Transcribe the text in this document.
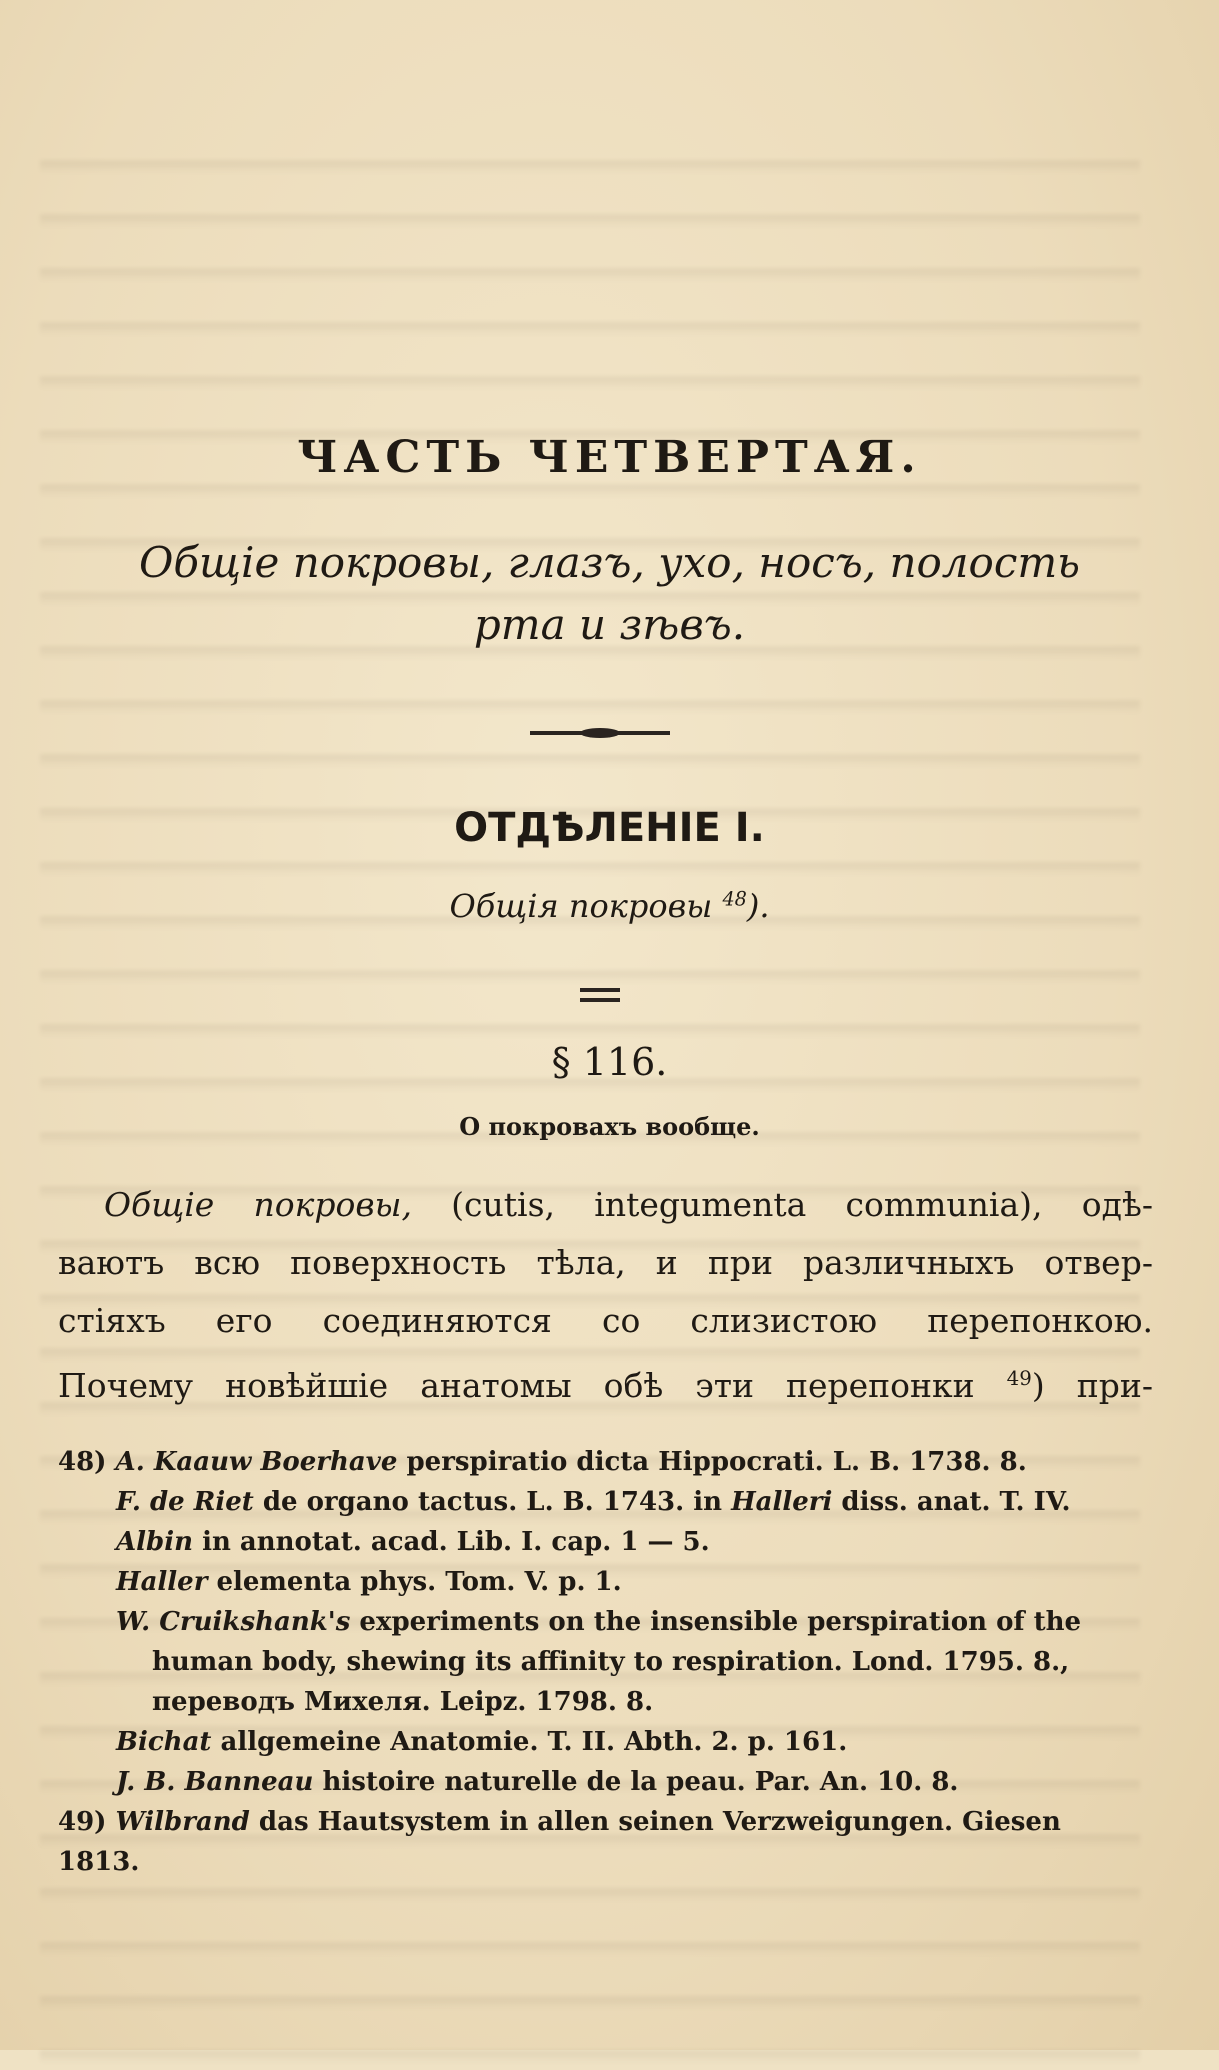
ЧАСТЬ ЧЕТВЕРТАЯ.
Общіе покровы, глазъ, ухо, носъ, полость
рта и зѣвъ.
ОТДѢЛЕНІЕ I.
Общія покровы $^{48}$).
§ 116.
О покровахъ вообще.
Общіе покровы, (cutis, integumenta communia), одѣ-
ваютъ всю поверхность тѣла, и при различныхъ отвер-
стіяхъ его соединяются со слизистою перепонкою.
Почему новѣйшіе анатомы обѣ эти перепонки $^{49}$) при-
48) A. Kaauw Boerhave perspiratio dicta Hippocrati. L. B. 1738. 8.
F. de Riet de organo tactus. L. B. 1743. in Halleri diss. anat. T. IV.
Albin in annotat. acad. Lib. I. cap. 1 — 5.
Haller elementa phys. Tom. V. p. 1.
W. Cruikshank's experiments on the insensible perspiration of the
human body, shewing its affinity to respiration. Lond. 1795. 8.,
переводъ Михеля. Leipz. 1798. 8.
Bichat allgemeine Anatomie. T. II. Abth. 2. p. 161.
J. B. Banneau histoire naturelle de la peau. Par. An. 10. 8.
49) Wilbrand das Hautsystem in allen seinen Verzweigungen. Giesen
1813.
